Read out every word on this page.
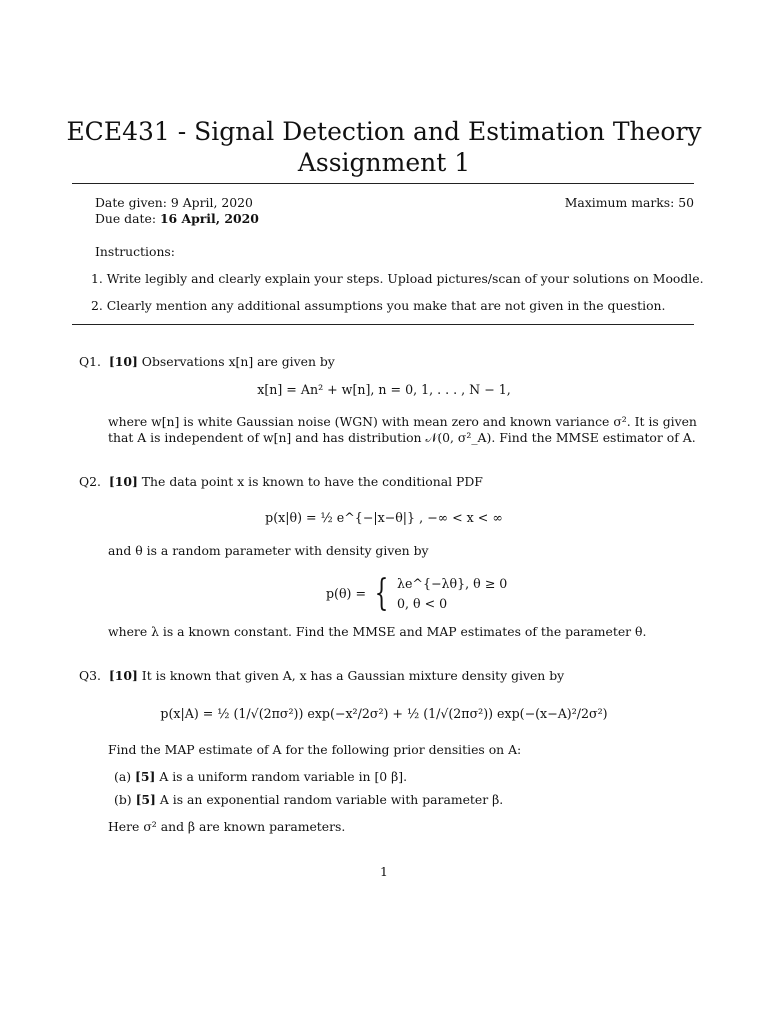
ECE431 - Signal Detection and Estimation Theory
Assignment 1
Date given: 9 April, 2020
Due date: 16 April, 2020
Maximum marks: 50
Instructions:
1. Write legibly and clearly explain your steps. Upload pictures/scan of your solutions on Moodle.
2. Clearly mention any additional assumptions you make that are not given in the question.
Q1. [10] Observations x[n] are given by
x[n] = An² + w[n], n = 0, 1, . . . , N − 1,
where w[n] is white Gaussian noise (WGN) with mean zero and known variance σ². It is given
that A is independent of w[n] and has distribution 𝒩(0, σ²_A). Find the MMSE estimator of A.
Q2. [10] The data point x is known to have the conditional PDF
p(x|θ) = ½ e^{−|x−θ|} , −∞ < x < ∞
and θ is a random parameter with density given by
p(θ) = { λe^{−λθ}, θ ≥ 0
0, θ < 0
where λ is a known constant. Find the MMSE and MAP estimates of the parameter θ.
Q3. [10] It is known that given A, x has a Gaussian mixture density given by
p(x|A) = ½ (1/√(2πσ²)) exp(−x²/2σ²) + ½ (1/√(2πσ²)) exp(−(x−A)²/2σ²)
Find the MAP estimate of A for the following prior densities on A:
(a) [5] A is a uniform random variable in [0 β].
(b) [5] A is an exponential random variable with parameter β.
Here σ² and β are known parameters.
1
